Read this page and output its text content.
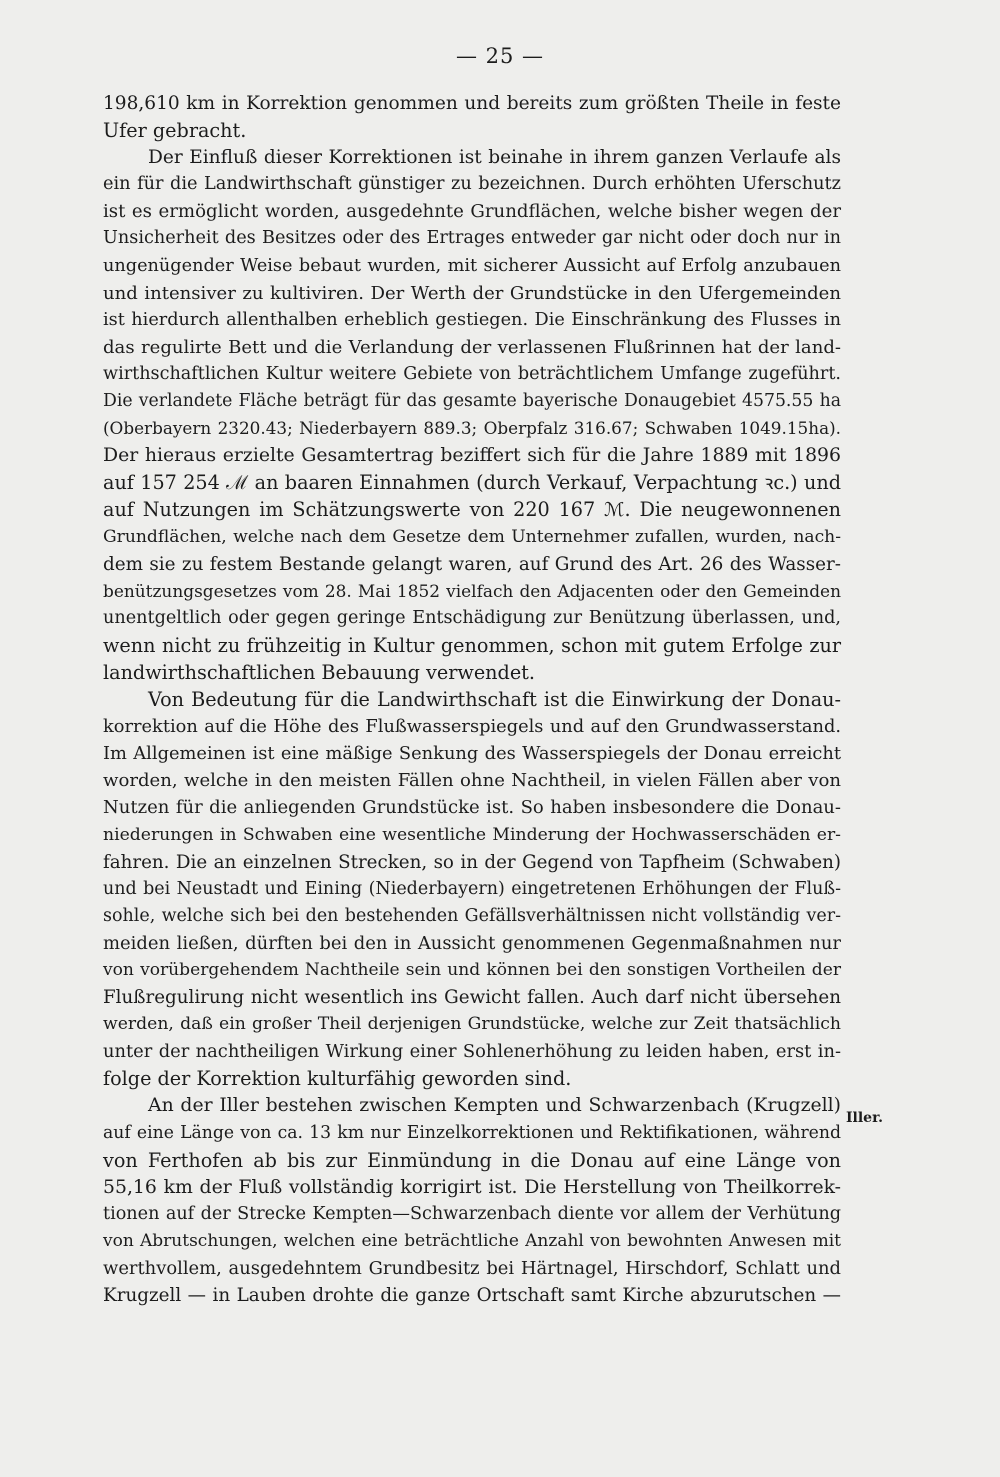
— 25 —
198,610 km in Korrektion genommen und bereits zum größten Theile in feste
Ufer gebracht.
Der Einfluß dieser Korrektionen ist beinahe in ihrem ganzen Verlaufe als
ein für die Landwirthschaft günstiger zu bezeichnen. Durch erhöhten Uferschutz
ist es ermöglicht worden, ausgedehnte Grundflächen, welche bisher wegen der
Unsicherheit des Besitzes oder des Ertrages entweder gar nicht oder doch nur in
ungenügender Weise bebaut wurden, mit sicherer Aussicht auf Erfolg anzubauen
und intensiver zu kultiviren. Der Werth der Grundstücke in den Ufergemeinden
ist hierdurch allenthalben erheblich gestiegen. Die Einschränkung des Flusses in
das regulirte Bett und die Verlandung der verlassenen Flußrinnen hat der land-
wirthschaftlichen Kultur weitere Gebiete von beträchtlichem Umfange zugeführt.
Die verlandete Fläche beträgt für das gesamte bayerische Donaugebiet 4575.55 ha
(Oberbayern 2320.43; Niederbayern 889.3; Oberpfalz 316.67; Schwaben 1049.15ha).
Der hieraus erzielte Gesamtertrag beziffert sich für die Jahre 1889 mit 1896
auf 157 254 ℳ an baaren Einnahmen (durch Verkauf, Verpachtung ꝛc.) und
auf Nutzungen im Schätzungswerte von 220 167 ℳ. Die neugewonnenen
Grundflächen, welche nach dem Gesetze dem Unternehmer zufallen, wurden, nach-
dem sie zu festem Bestande gelangt waren, auf Grund des Art. 26 des Wasser-
benützungsgesetzes vom 28. Mai 1852 vielfach den Adjacenten oder den Gemeinden
unentgeltlich oder gegen geringe Entschädigung zur Benützung überlassen, und,
wenn nicht zu frühzeitig in Kultur genommen, schon mit gutem Erfolge zur
landwirthschaftlichen Bebauung verwendet.
Von Bedeutung für die Landwirthschaft ist die Einwirkung der Donau-
korrektion auf die Höhe des Flußwasserspiegels und auf den Grundwasserstand.
Im Allgemeinen ist eine mäßige Senkung des Wasserspiegels der Donau erreicht
worden, welche in den meisten Fällen ohne Nachtheil, in vielen Fällen aber von
Nutzen für die anliegenden Grundstücke ist. So haben insbesondere die Donau-
niederungen in Schwaben eine wesentliche Minderung der Hochwasserschäden er-
fahren. Die an einzelnen Strecken, so in der Gegend von Tapfheim (Schwaben)
und bei Neustadt und Eining (Niederbayern) eingetretenen Erhöhungen der Fluß-
sohle, welche sich bei den bestehenden Gefällsverhältnissen nicht vollständig ver-
meiden ließen, dürften bei den in Aussicht genommenen Gegenmaßnahmen nur
von vorübergehendem Nachtheile sein und können bei den sonstigen Vortheilen der
Flußregulirung nicht wesentlich ins Gewicht fallen. Auch darf nicht übersehen
werden, daß ein großer Theil derjenigen Grundstücke, welche zur Zeit thatsächlich
unter der nachtheiligen Wirkung einer Sohlenerhöhung zu leiden haben, erst in-
folge der Korrektion kulturfähig geworden sind.
An der Iller bestehen zwischen Kempten und Schwarzenbach (Krugzell)
auf eine Länge von ca. 13 km nur Einzelkorrektionen und Rektifikationen, während
von Ferthofen ab bis zur Einmündung in die Donau auf eine Länge von
55,16 km der Fluß vollständig korrigirt ist. Die Herstellung von Theilkorrek-
tionen auf der Strecke Kempten—Schwarzenbach diente vor allem der Verhütung
von Abrutschungen, welchen eine beträchtliche Anzahl von bewohnten Anwesen mit
werthvollem, ausgedehntem Grundbesitz bei Härtnagel, Hirschdorf, Schlatt und
Krugzell — in Lauben drohte die ganze Ortschaft samt Kirche abzurutschen —
Iller.
